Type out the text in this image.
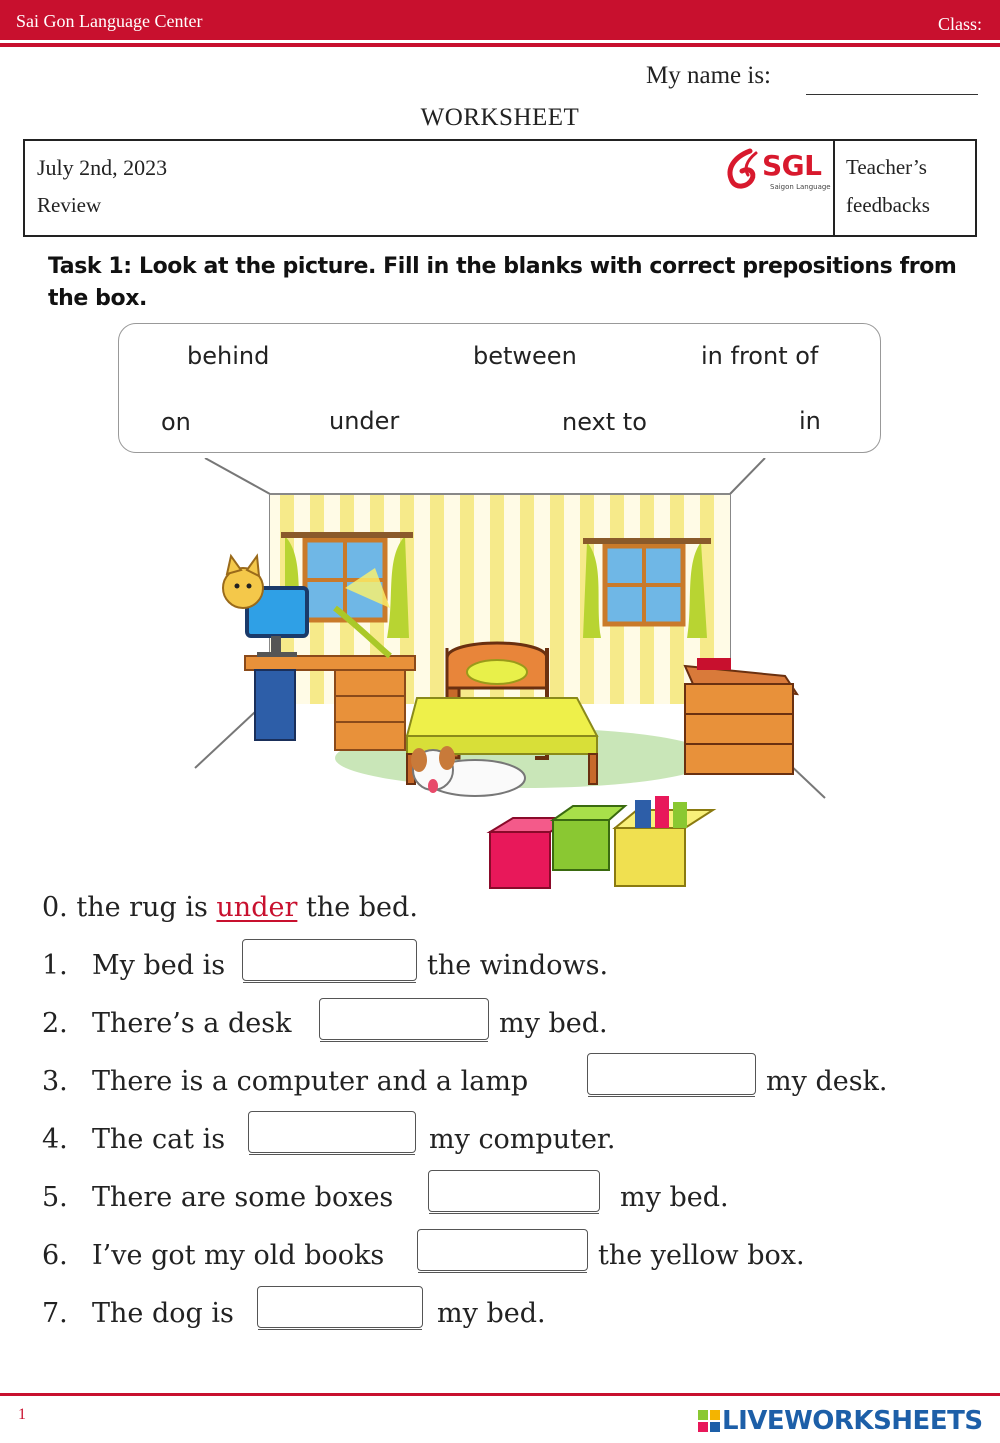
Sai Gon Language Center	Class:
My name is:
WORKSHEET
July 2nd, 2023
Review
SGL
Saigon Language
Teacher’s
feedbacks
Task 1: Look at the picture. Fill in the blanks with correct prepositions from the box.
behind	between	in front of
on	under	next to	in
0. the rug is under the bed.
1. My bed is	the windows.
2. There’s a desk	my bed.
3. There is a computer and a lamp	my desk.
4. The cat is	my computer.
5. There are some boxes	my bed.
6. I’ve got my old books	the yellow box.
7. The dog is	my bed.
1	LIVEWORKSHEETS
